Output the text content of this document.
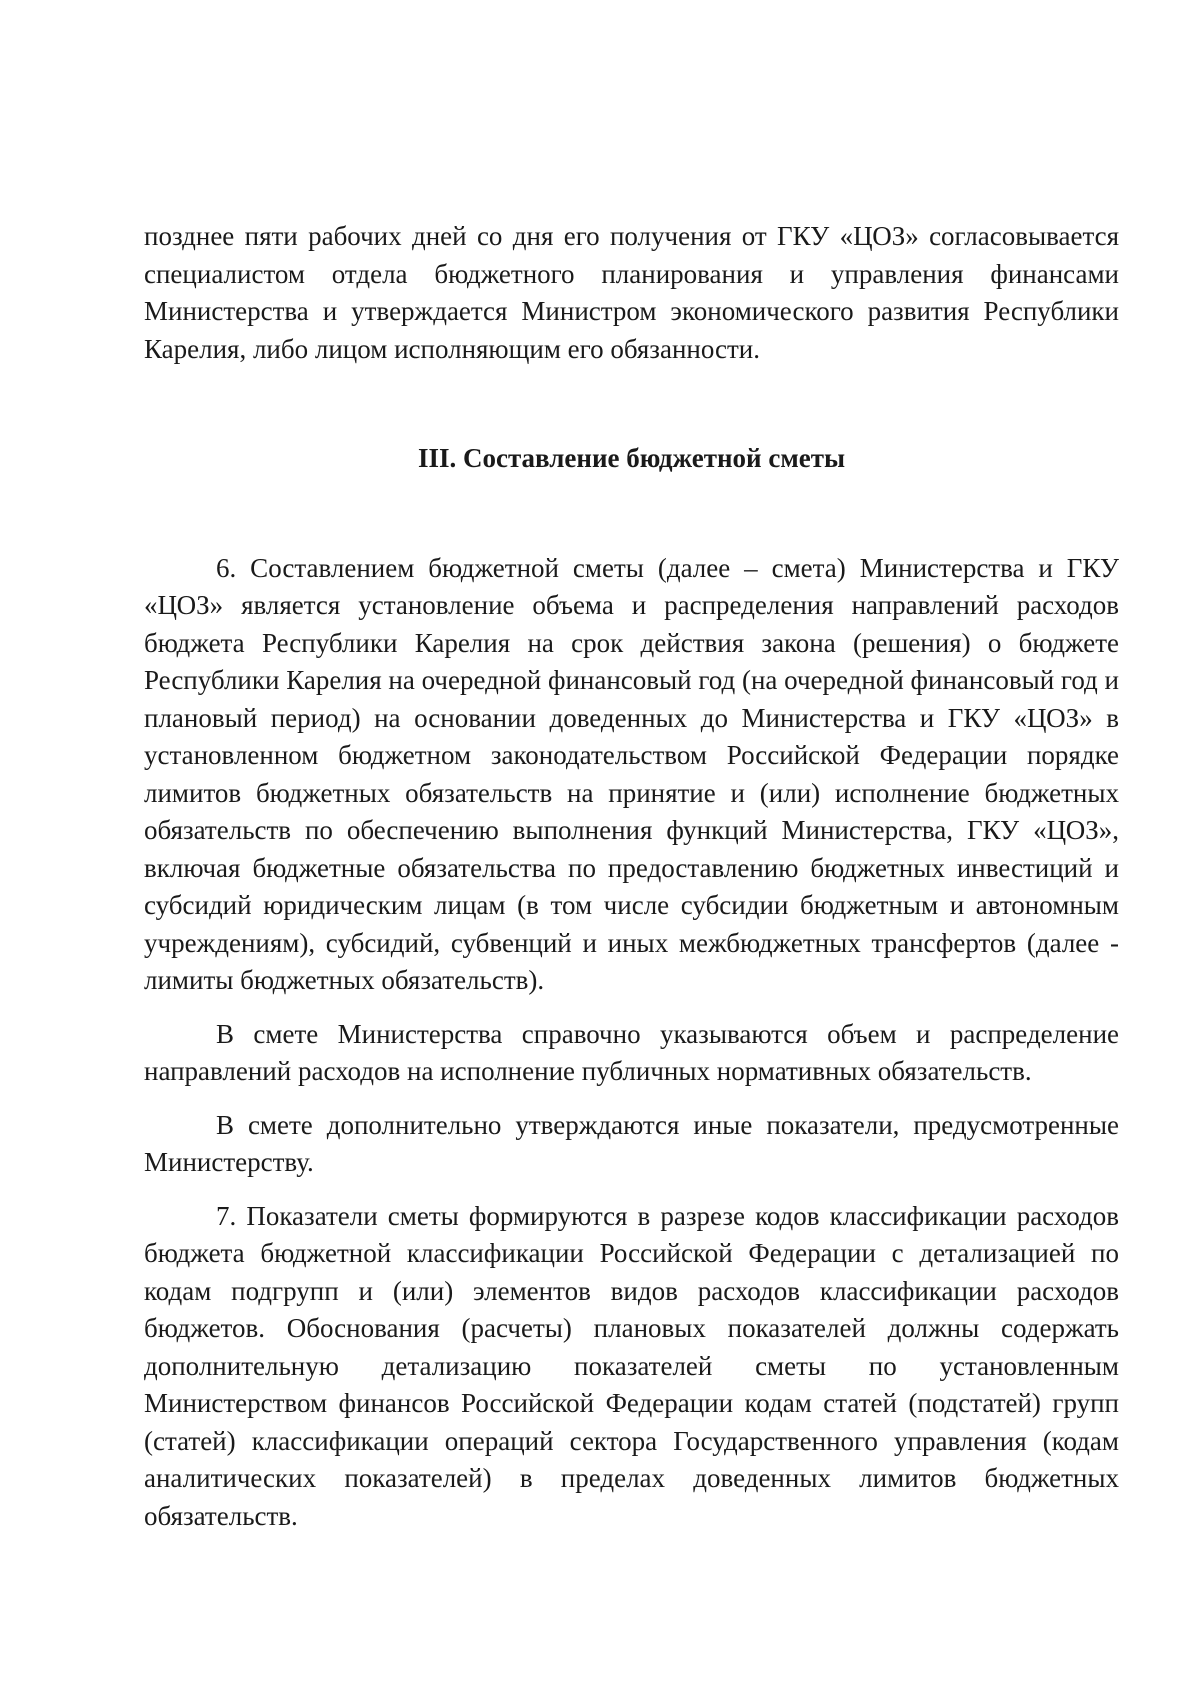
позднее пяти рабочих дней со дня его получения от ГКУ «ЦОЗ» согласовывается специалистом отдела бюджетного планирования и управления финансами Министерства и утверждается Министром экономического развития Республики Карелия, либо лицом исполняющим его обязанности.

III. Составление бюджетной сметы

6. Составлением бюджетной сметы (далее – смета) Министерства и ГКУ «ЦОЗ» является установление объема и распределения направлений расходов бюджета Республики Карелия на срок действия закона (решения) о бюджете Республики Карелия на очередной финансовый год (на очередной финансовый год и плановый период) на основании доведенных до Министерства и ГКУ «ЦОЗ» в установленном бюджетном законодательством Российской Федерации порядке лимитов бюджетных обязательств на принятие и (или) исполнение бюджетных обязательств по обеспечению выполнения функций Министерства, ГКУ «ЦОЗ», включая бюджетные обязательства по предоставлению бюджетных инвестиций и субсидий юридическим лицам (в том числе субсидии бюджетным и автономным учреждениям), субсидий, субвенций и иных межбюджетных трансфертов (далее - лимиты бюджетных обязательств).

В смете Министерства справочно указываются объем и распределение направлений расходов на исполнение публичных нормативных обязательств.

В смете дополнительно утверждаются иные показатели, предусмотренные Министерству.

7. Показатели сметы формируются в разрезе кодов классификации расходов бюджета бюджетной классификации Российской Федерации с детализацией по кодам подгрупп и (или) элементов видов расходов классификации расходов бюджетов. Обоснования (расчеты) плановых показателей должны содержать дополнительную детализацию показателей сметы по установленным Министерством финансов Российской Федерации кодам статей (подстатей) групп (статей) классификации операций сектора Государственного управления (кодам аналитических показателей) в пределах доведенных лимитов бюджетных обязательств.
